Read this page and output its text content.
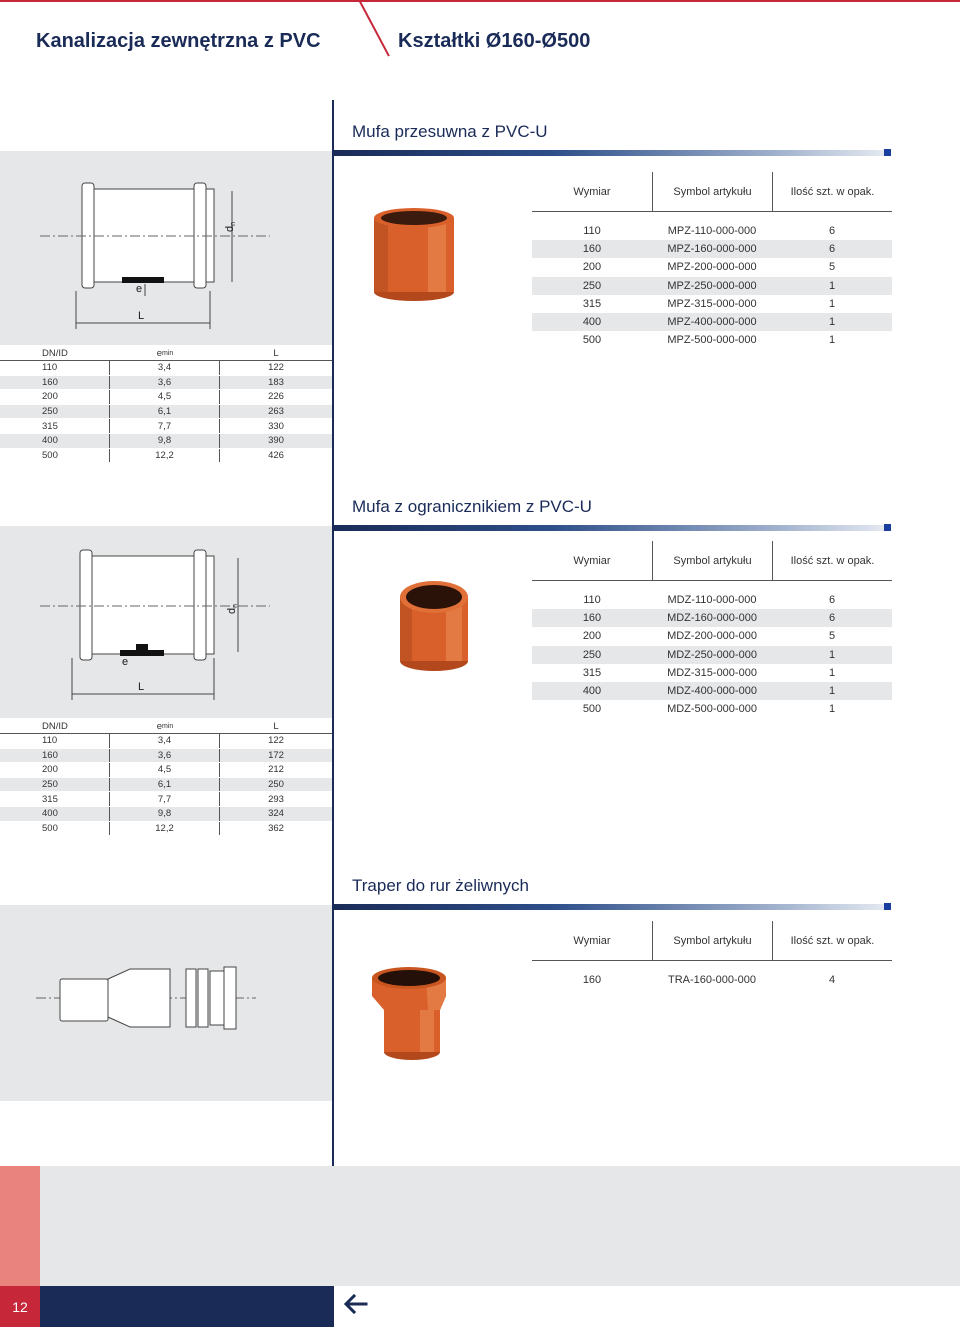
Kanalizacja zewnętrzna z PVC	Kształtki Ø160-Ø500
Mufa przesuwna z PVC-U
$d_n$
L
e
Wymiar	Symbol artykułu	Ilość szt. w opak.
110	MPZ-110-000-000	6
160	MPZ-160-000-000	6
200	MPZ-200-000-000	5
250	MPZ-250-000-000	1
315	MPZ-315-000-000	1
400	MPZ-400-000-000	1
500	MPZ-500-000-000	1
DN/ID	e min	L
110	3,4	122
160	3,6	183
200	4,5	226
250	6,1	263
315	7,7	330
400	9,8	390
500	12,2	426
Mufa z ogranicznikiem z PVC-U
$d_n$
L
e
Wymiar	Symbol artykułu	Ilość szt. w opak.
110	MDZ-110-000-000	6
160	MDZ-160-000-000	6
200	MDZ-200-000-000	5
250	MDZ-250-000-000	1
315	MDZ-315-000-000	1
400	MDZ-400-000-000	1
500	MDZ-500-000-000	1
DN/ID	e min	L
110	3,4	122
160	3,6	172
200	4,5	212
250	6,1	250
315	7,7	293
400	9,8	324
500	12,2	362
Traper do rur żeliwnych
Wymiar	Symbol artykułu	Ilość szt. w opak.
160	TRA-160-000-000	4
12
